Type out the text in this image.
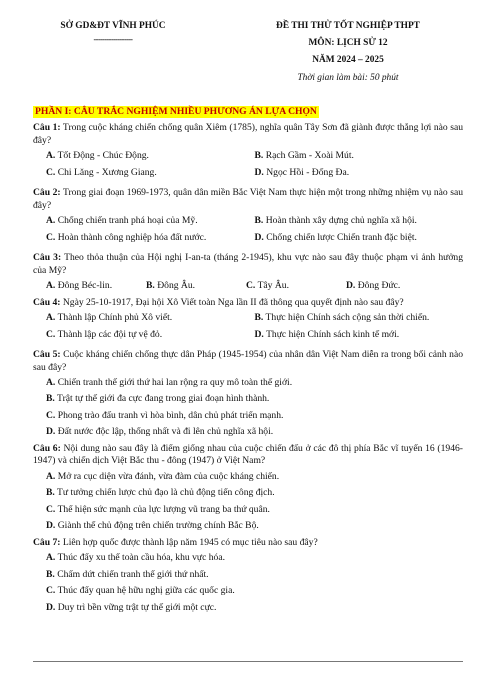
SỞ GD&ĐT VĨNH PHÚC
------------------
ĐỀ THI THỬ TỐT NGHIỆP THPT
MÔN: LỊCH SỬ 12
NĂM 2024 – 2025
Thời gian làm bài: 50 phút
PHẦN I: CÂU TRẮC NGHIỆM NHIỀU PHƯƠNG ÁN LỰA CHỌN
Câu 1: Trong cuộc kháng chiến chống quân Xiêm (1785), nghĩa quân Tây Sơn đã giành được thắng lợi nào sau đây?
A. Tốt Động - Chúc Động.	B. Rạch Gầm - Xoài Mút.
C. Chi Lăng - Xương Giang.	D. Ngọc Hồi - Đống Đa.
Câu 2: Trong giai đoạn 1969-1973, quân dân miền Bắc Việt Nam thực hiện một trong những nhiệm vụ nào sau đây?
A. Chống chiến tranh phá hoại của Mỹ.	B. Hoàn thành xây dựng chủ nghĩa xã hội.
C. Hoàn thành công nghiệp hóa đất nước.	D. Chống chiến lược Chiến tranh đặc biệt.
Câu 3: Theo thỏa thuận của Hội nghị I-an-ta (tháng 2-1945), khu vực nào sau đây thuộc phạm vi ảnh hưởng của Mỹ?
A. Đông Béc-lin.	B. Đông Âu.	C. Tây Âu.	D. Đông Đức.
Câu 4: Ngày 25-10-1917, Đại hội Xô Viết toàn Nga lần II đã thông qua quyết định nào sau đây?
A. Thành lập Chính phủ Xô viết.	B. Thực hiện Chính sách cộng sản thời chiến.
C. Thành lập các đội tự vệ đỏ.	D. Thực hiện Chính sách kinh tế mới.
Câu 5: Cuộc kháng chiến chống thực dân Pháp (1945-1954) của nhân dân Việt Nam diễn ra trong bối cảnh nào sau đây?
A. Chiến tranh thế giới thứ hai lan rộng ra quy mô toàn thế giới.
B. Trật tự thế giới đa cực đang trong giai đoạn hình thành.
C. Phong trào đấu tranh vì hòa bình, dân chủ phát triển mạnh.
D. Đất nước độc lập, thống nhất và đi lên chủ nghĩa xã hội.
Câu 6: Nội dung nào sau đây là điểm giống nhau của cuộc chiến đấu ở các đô thị phía Bắc vĩ tuyến 16 (1946-1947) và chiến dịch Việt Bắc thu - đông (1947) ở Việt Nam?
A. Mở ra cục diện vừa đánh, vừa đàm của cuộc kháng chiến.
B. Tư tưởng chiến lược chủ đạo là chủ động tiến công địch.
C. Thể hiện sức mạnh của lực lượng vũ trang ba thứ quân.
D. Giành thế chủ động trên chiến trường chính Bắc Bộ.
Câu 7: Liên hợp quốc được thành lập năm 1945 có mục tiêu nào sau đây?
A. Thúc đẩy xu thế toàn cầu hóa, khu vực hóa.
B. Chấm dứt chiến tranh thế giới thứ nhất.
C. Thúc đẩy quan hệ hữu nghị giữa các quốc gia.
D. Duy trì bền vững trật tự thế giới một cực.
